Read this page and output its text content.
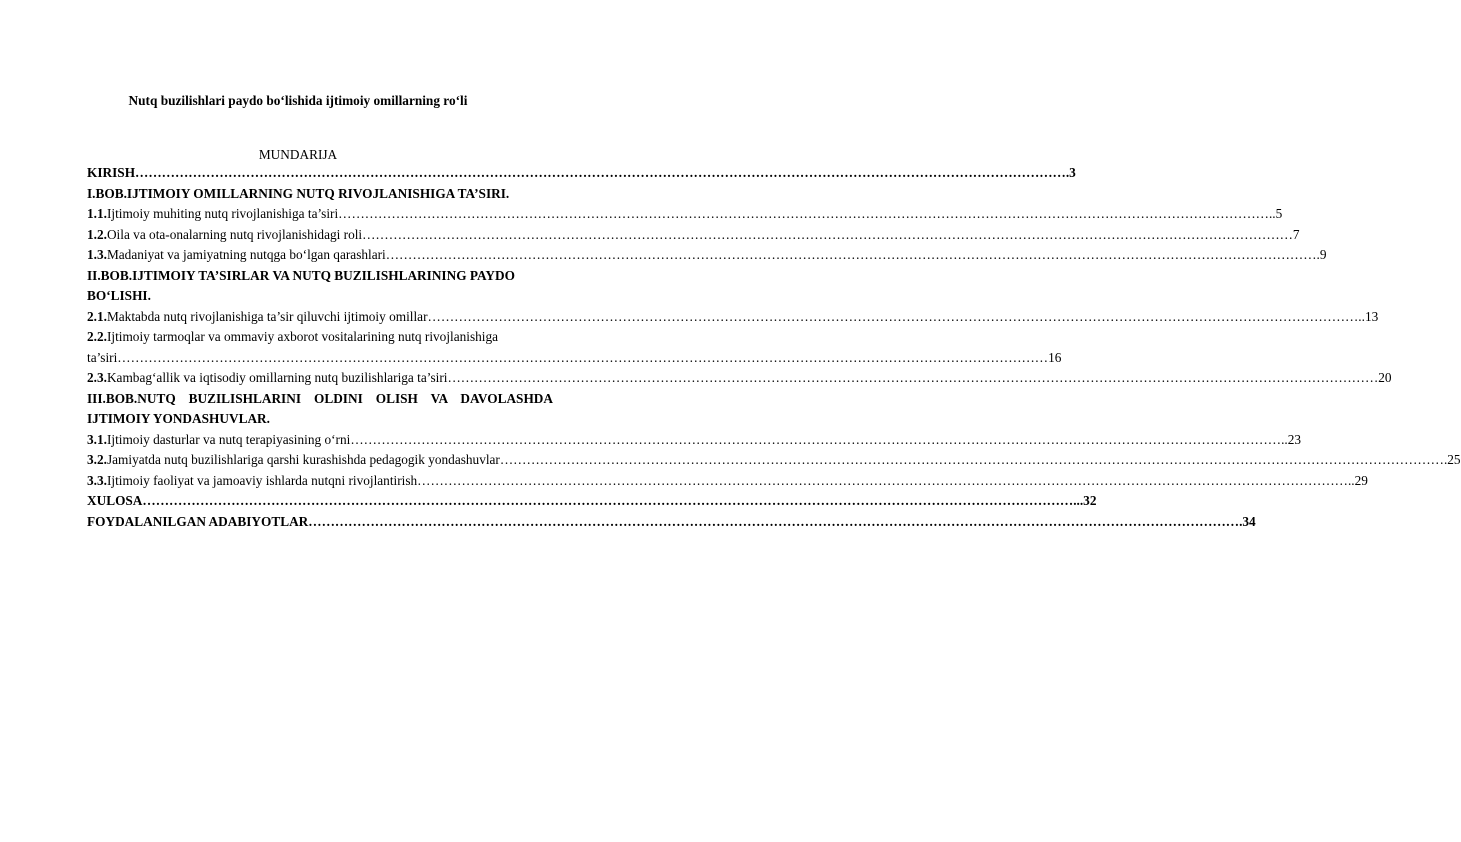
Nutq buzilishlari paydo bo‘lishida ijtimoiy omillarning ro‘li
MUNDARIJA
KIRISH ………………………………………………………………………………………………………………………………………………………………………………………… .3
I.BOB.IJTIMOIY OMILLARNING NUTQ RIVOJLANISHIGA TA’SIRI.
1.1.Ijtimoiy muhiting nutq rivojlanishiga ta’siri ………………………………………………………………………………………………………………………………………………………………………………………… ..5
1.2.Oila va ota-onalarning nutq rivojlanishidagi roli ………………………………………………………………………………………………………………………………………………………………………………………… 7
1.3.Madaniyat va jamiyatning nutqga bo‘lgan qarashlari ………………………………………………………………………………………………………………………………………………………………………………………… .9
II.BOB.IJTIMOIY TA’SIRLAR VA NUTQ BUZILISHLARINING PAYDO
BO‘LISHI.
2.1.Maktabda nutq rivojlanishiga ta’sir qiluvchi ijtimoiy omillar ………………………………………………………………………………………………………………………………………………………………………………………… ..13
2.2.Ijtimoiy tarmoqlar va ommaviy axborot vositalarining nutq rivojlanishiga
ta’siri ………………………………………………………………………………………………………………………………………………………………………………………… 16
2.3.Kambag‘allik va iqtisodiy omillarning nutq buzilishlariga ta’siri ………………………………………………………………………………………………………………………………………………………………………………………… 20
III.BOB.NUTQ BUZILISHLARINI OLDINI OLISH VA DAVOLASHDA
IJTIMOIY YONDASHUVLAR.
3.1.Ijtimoiy dasturlar va nutq terapiyasining o‘rni ………………………………………………………………………………………………………………………………………………………………………………………… ..23
3.2.Jamiyatda nutq buzilishlariga qarshi kurashishda pedagogik yondashuvlar ………………………………………………………………………………………………………………………………………………………………………………………… ….25
3.3.Ijtimoiy faoliyat va jamoaviy ishlarda nutqni rivojlantirish ………………………………………………………………………………………………………………………………………………………………………………………… ..29
XULOSA ………………………………………………………………………………………………………………………………………………………………………………………… ...32
FOYDALANILGAN ADABIYOTLAR ………………………………………………………………………………………………………………………………………………………………………………………… .34
